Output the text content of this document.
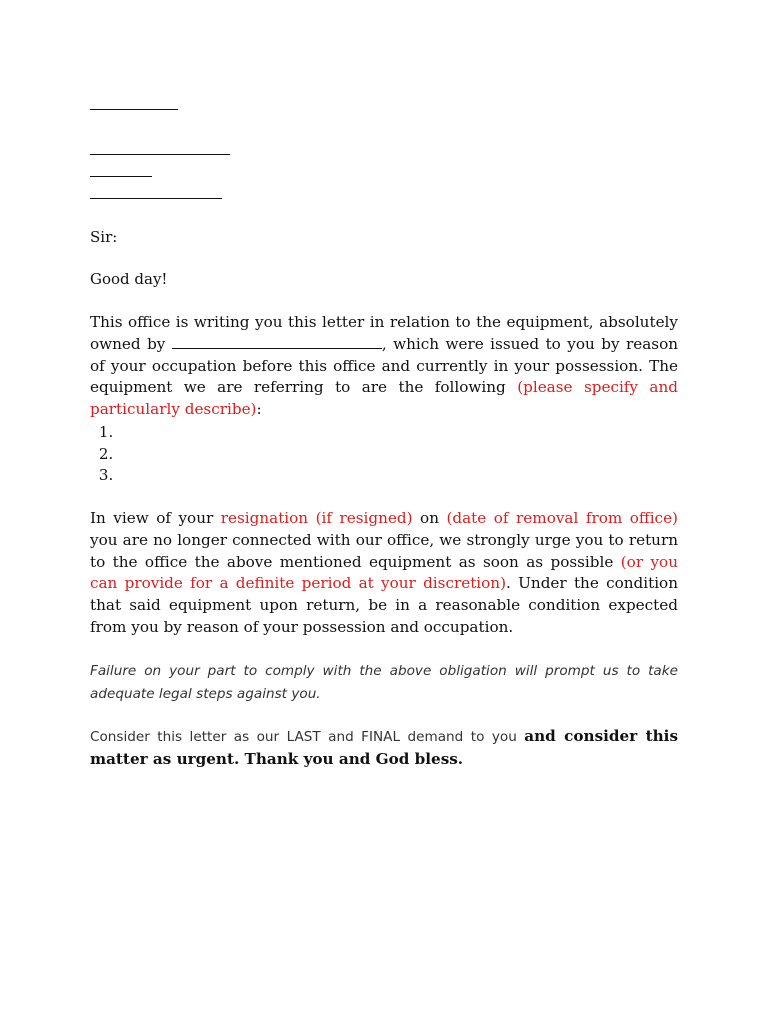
Sir:
Good day!
This office is writing you this letter in relation to the equipment, absolutely owned by	, which were issued to you by reason of your occupation before this office and currently in your possession. The equipment we are referring to are the following (please specify and particularly describe):
1.
2.
3.
In view of your resignation (if resigned) on (date of removal from office) you are no longer connected with our office, we strongly urge you to return to the office the above mentioned equipment as soon as possible (or you can provide for a definite period at your discretion). Under the condition that said equipment upon return, be in a reasonable condition expected from you by reason of your possession and occupation.
Failure on your part to comply with the above obligation will prompt us to take adequate legal steps against you.
Consider this letter as our LAST and FINAL demand to you and consider this matter as urgent. Thank you and God bless.
